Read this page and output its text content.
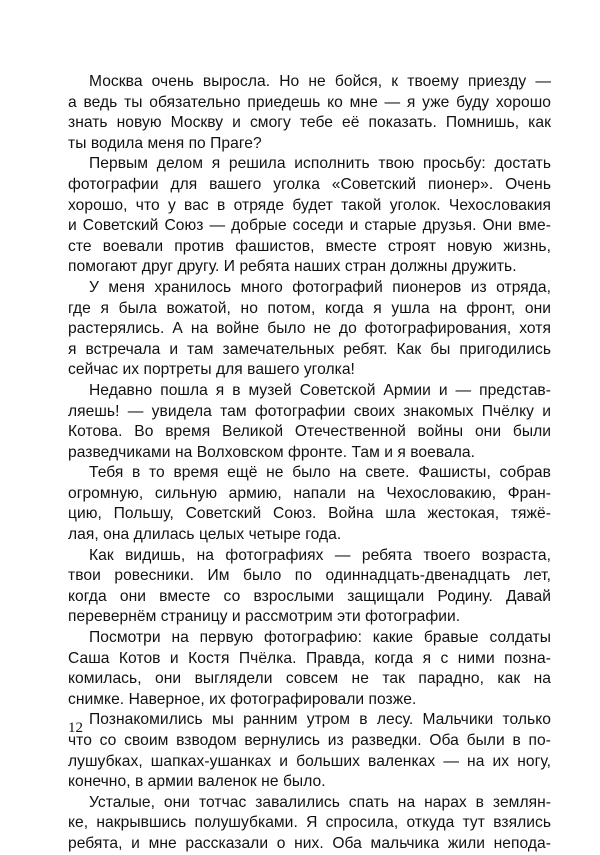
Москва очень выросла. Но не бойся, к твоему приезду —
а ведь ты обязательно приедешь ко мне — я уже буду хорошо
знать новую Москву и смогу тебе её показать. Помнишь, как
ты водила меня по Праге?

Первым делом я решила исполнить твою просьбу: достать
фотографии для вашего уголка «Советский пионер». Очень
хорошо, что у вас в отряде будет такой уголок. Чехословакия
и Советский Союз — добрые соседи и старые друзья. Они вме-
сте воевали против фашистов, вместе строят новую жизнь,
помогают друг другу. И ребята наших стран должны дружить.

У меня хранилось много фотографий пионеров из отряда,
где я была вожатой, но потом, когда я ушла на фронт, они
растерялись. А на войне было не до фотографирования, хотя
я встречала и там замечательных ребят. Как бы пригодились
сейчас их портреты для вашего уголка!

Недавно пошла я в музей Советской Армии и — представ-
ляешь! — увидела там фотографии своих знакомых Пчёлку и
Котова. Во время Великой Отечественной войны они были
разведчиками на Волховском фронте. Там и я воевала.

Тебя в то время ещё не было на свете. Фашисты, собрав
огромную, сильную армию, напали на Чехословакию, Фран-
цию, Польшу, Советский Союз. Война шла жестокая, тяжё-
лая, она длилась целых четыре года.

Как видишь, на фотографиях — ребята твоего возраста,
твои ровесники. Им было по одиннадцать-двенадцать лет,
когда они вместе со взрослыми защищали Родину. Давай
перевернём страницу и рассмотрим эти фотографии.

Посмотри на первую фотографию: какие бравые солдаты
Саша Котов и Костя Пчёлка. Правда, когда я с ними позна-
комилась, они выглядели совсем не так парадно, как на
снимке. Наверное, их фотографировали позже.

Познакомились мы ранним утром в лесу. Мальчики только
что со своим взводом вернулись из разведки. Оба были в по-
лушубках, шапках-ушанках и больших валенках — на их ногу,
конечно, в армии валенок не было.

Усталые, они тотчас завалились спать на нарах в землян-
ке, накрывшись полушубками. Я спросила, откуда тут взялись
ребята, и мне рассказали о них. Оба мальчика жили непода-

12
